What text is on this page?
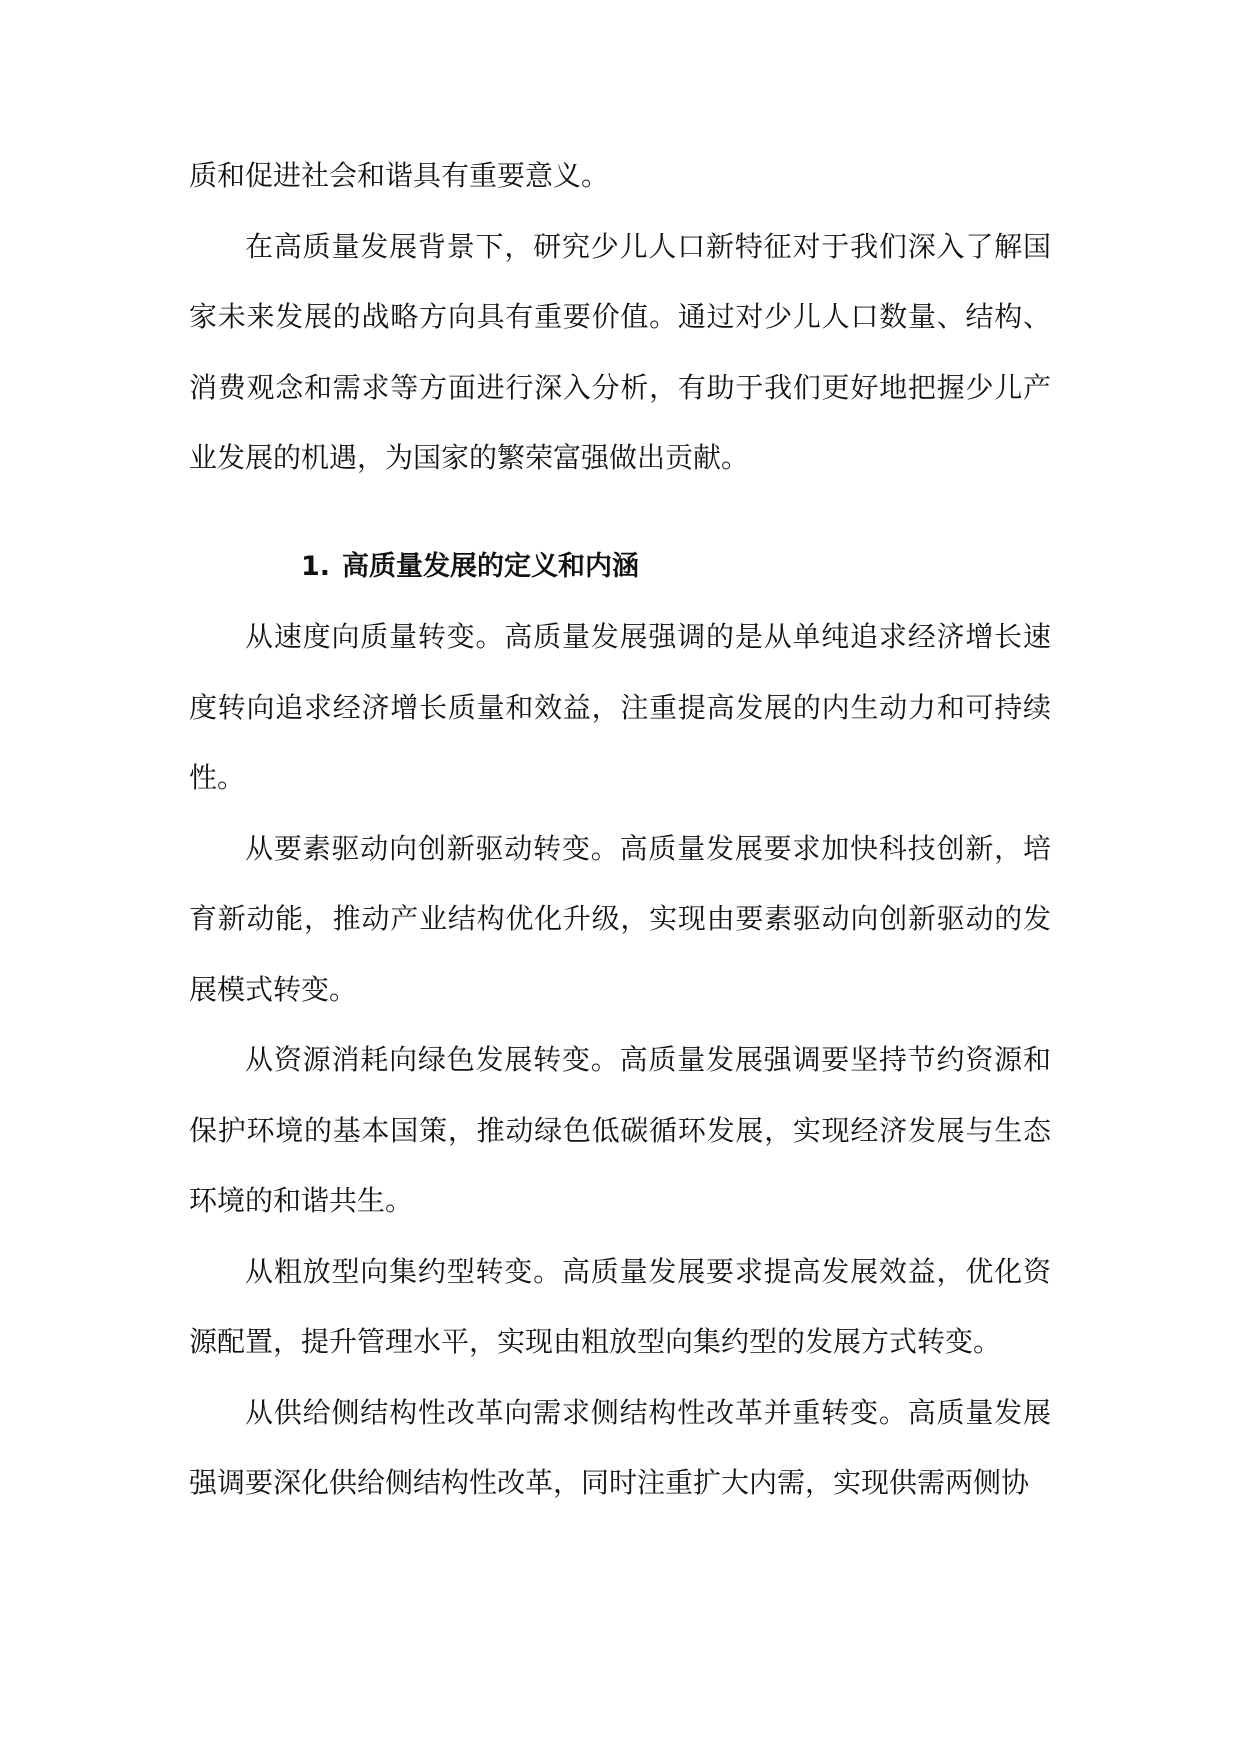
质和促进社会和谐具有重要意义。

在高质量发展背景下，研究少儿人口新特征对于我们深入了解国家未来发展的战略方向具有重要价值。通过对少儿人口数量、结构、消费观念和需求等方面进行深入分析，有助于我们更好地把握少儿产业发展的机遇，为国家的繁荣富强做出贡献。

1. 高质量发展的定义和内涵

从速度向质量转变。高质量发展强调的是从单纯追求经济增长速度转向追求经济增长质量和效益，注重提高发展的内生动力和可持续性。

从要素驱动向创新驱动转变。高质量发展要求加快科技创新，培育新动能，推动产业结构优化升级，实现由要素驱动向创新驱动的发展模式转变。

从资源消耗向绿色发展转变。高质量发展强调要坚持节约资源和保护环境的基本国策，推动绿色低碳循环发展，实现经济发展与生态环境的和谐共生。

从粗放型向集约型转变。高质量发展要求提高发展效益，优化资源配置，提升管理水平，实现由粗放型向集约型的发展方式转变。

从供给侧结构性改革向需求侧结构性改革并重转变。高质量发展强调要深化供给侧结构性改革，同时注重扩大内需，实现供需两侧协
